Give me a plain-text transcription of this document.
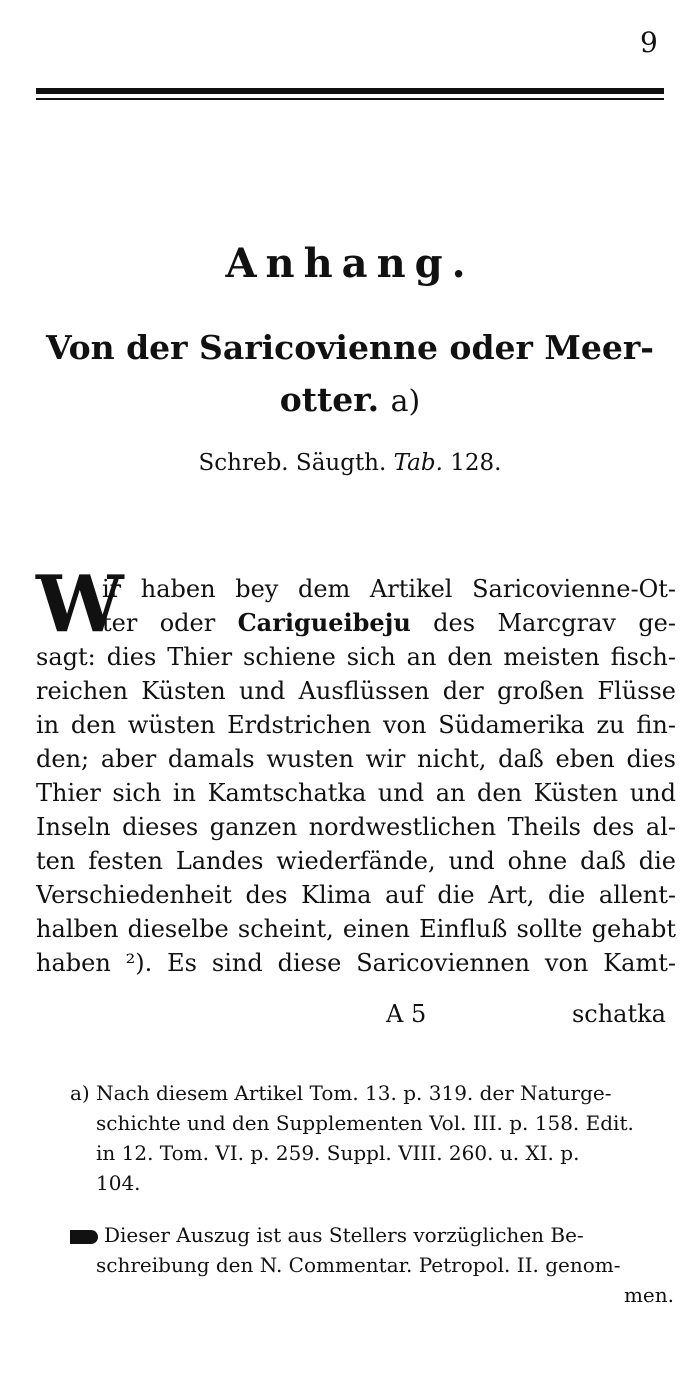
9
Anhang.
Von der Saricovienne oder Meer-
otter. a)
Schreb. Säugth. Tab. 128.
W
ir haben bey dem Artikel Saricovienne-Ot-
ter oder Carigueibeju des Marcgrav ge-
sagt: dies Thier schiene sich an den meisten fisch-
reichen Küsten und Ausflüssen der großen Flüsse
in den wüsten Erdstrichen von Südamerika zu fin-
den; aber damals wusten wir nicht, daß eben dies
Thier sich in Kamtschatka und an den Küsten und
Inseln dieses ganzen nordwestlichen Theils des al-
ten festen Landes wiederfände, und ohne daß die
Verschiedenheit des Klima auf die Art, die allent-
halben dieselbe scheint, einen Einfluß sollte gehabt
haben ²). Es sind diese Saricoviennen von Kamt-
A 5	schatka
a) Nach diesem Artikel Tom. 13. p. 319. der Naturge-
schichte und den Supplementen Vol. III. p. 158. Edit.
in 12. Tom. VI. p. 259. Suppl. VIII. 260. u. XI. p.
104.
Dieser Auszug ist aus Stellers vorzüglichen Be-
schreibung den N. Commentar. Petropol. II. genom-
men.
